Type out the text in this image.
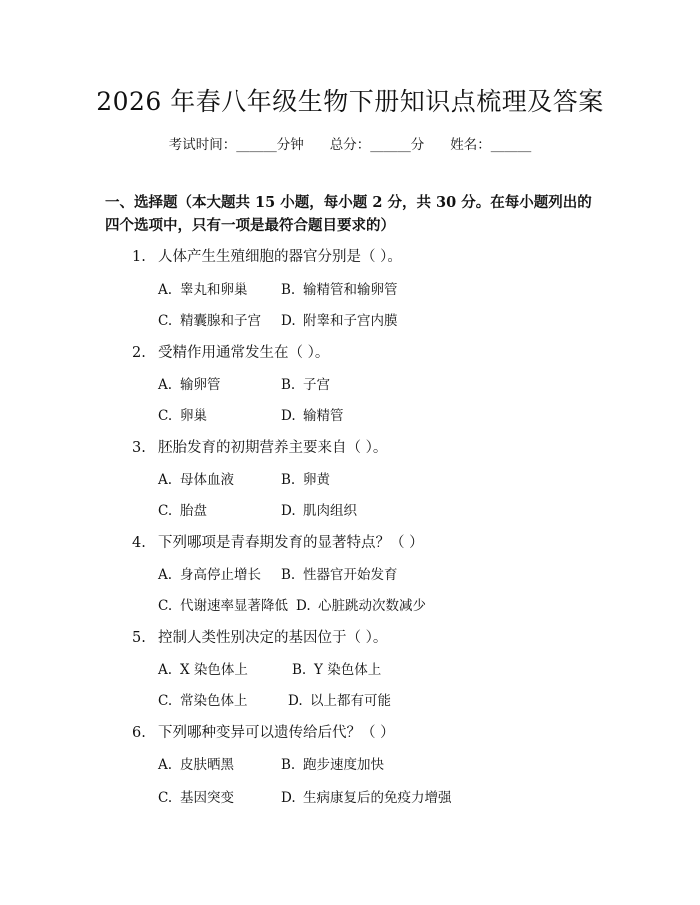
2026 年春八年级生物下册知识点梳理及答案
考试时间：______分钟 总分：______分 姓名：______

一、选择题（本大题共 15 小题，每小题 2 分，共 30 分。在每小题列出的四个选项中，只有一项是最符合题目要求的）

1. 人体产生生殖细胞的器官分别是（ ）。
A. 睾丸和卵巢 B. 输精管和输卵管
C. 精囊腺和子宫 D. 附睾和子宫内膜
2. 受精作用通常发生在（ ）。
A. 输卵管	B. 子宫
C. 卵巢	D. 输精管
3. 胚胎发育的初期营养主要来自（ ）。
A. 母体血液	B. 卵黄
C. 胎盘	D. 肌肉组织
4. 下列哪项是青春期发育的显著特点？（ ）
A. 身高停止增长 B. 性器官开始发育
C. 代谢速率显著降低 D. 心脏跳动次数减少
5. 控制人类性别决定的基因位于（ ）。
A. X 染色体上	B. Y 染色体上
C. 常染色体上	D. 以上都有可能
6. 下列哪种变异可以遗传给后代？（ ）
A. 皮肤晒黑	B. 跑步速度加快
C. 基因突变	D. 生病康复后的免疫力增强
